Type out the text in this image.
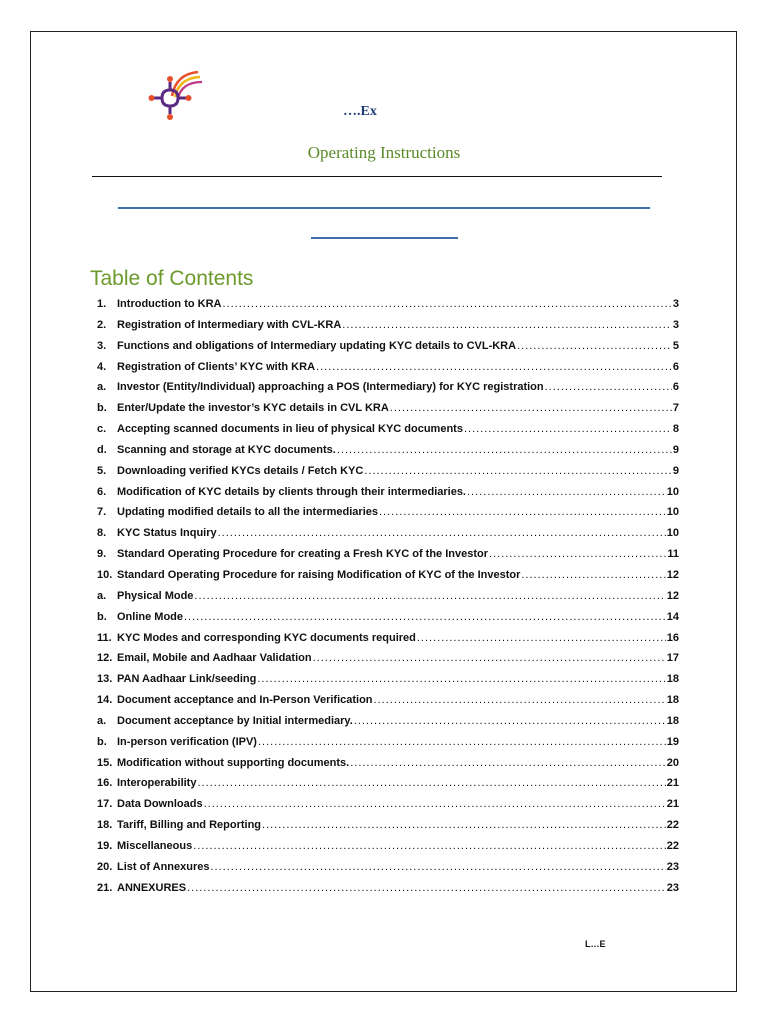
….Ex
Operating Instructions
Table of Contents
1. Introduction to KRA .....	3
2. Registration of Intermediary with CVL-KRA .....	3
3. Functions and obligations of Intermediary updating KYC details to CVL-KRA .....	5
4. Registration of Clients’ KYC with KRA .....	6
a. Investor (Entity/Individual) approaching a POS (Intermediary) for KYC registration .....	6
b. Enter/Update the investor’s KYC details in CVL KRA .....	7
c. Accepting scanned documents in lieu of physical KYC documents .....	8
d. Scanning and storage at KYC documents. .....	9
5. Downloading verified KYCs details / Fetch KYC .....	9
6. Modification of KYC details by clients through their intermediaries. .....	10
7. Updating modified details to all the intermediaries .....	10
8. KYC Status Inquiry .....	10
9. Standard Operating Procedure for creating a Fresh KYC of the Investor .....	11
10. Standard Operating Procedure for raising Modification of KYC of the Investor .....	12
a. Physical Mode .....	12
b. Online Mode .....	14
11. KYC Modes and corresponding KYC documents required .....	16
12. Email, Mobile and Aadhaar Validation .....	17
13. PAN Aadhaar Link/seeding .....	18
14. Document acceptance and In-Person Verification .....	18
a. Document acceptance by Initial intermediary. .....	18
b. In-person verification (IPV) .....	19
15. Modification without supporting documents. .....	20
16. Interoperability .....	21
17. Data Downloads .....	21
18. Tariff, Billing and Reporting .....	22
19. Miscellaneous .....	22
20. List of Annexures .....	23
21. ANNEXURES .....	23
L…E
